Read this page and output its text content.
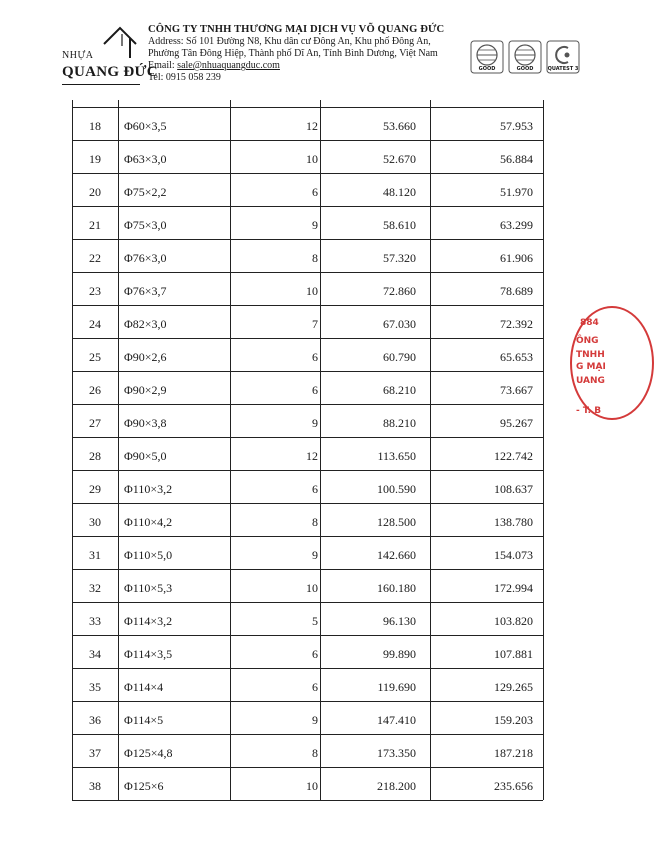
NHỰA
QUANG ĐỨC
CÔNG TY TNHH THƯƠNG MẠI DỊCH VỤ VÕ QUANG ĐỨC
Address: Số 101 Đường N8, Khu dân cư Đông An, Khu phố Đông An,
Phường Tân Đông Hiệp, Thành phố Dĩ An, Tỉnh Bình Dương, Việt Nam
Email: sale@nhuaquangduc.com
Tel: 0915 058 239
GOOD	GOOD	QUATEST 3
18	Φ60×3,5	12	53.660	57.953
19	Φ63×3,0	10	52.670	56.884
20	Φ75×2,2	6	48.120	51.970
21	Φ75×3,0	9	58.610	63.299
22	Φ76×3,0	8	57.320	61.906
23	Φ76×3,7	10	72.860	78.689
24	Φ82×3,0	7	67.030	72.392
25	Φ90×2,6	6	60.790	65.653
26	Φ90×2,9	6	68.210	73.667
27	Φ90×3,8	9	88.210	95.267
28	Φ90×5,0	12	113.650	122.742
29	Φ110×3,2	6	100.590	108.637
30	Φ110×4,2	8	128.500	138.780
31	Φ110×5,0	9	142.660	154.073
32	Φ110×5,3	10	160.180	172.994
33	Φ114×3,2	5	96.130	103.820
34	Φ114×3,5	6	99.890	107.881
35	Φ114×4	6	119.690	129.265
36	Φ114×5	9	147.410	159.203
37	Φ125×4,8	8	173.350	187.218
38	Φ125×6	10	218.200	235.656
884
ÔNG
TNHH
G MẠI
UANG
- T. B
